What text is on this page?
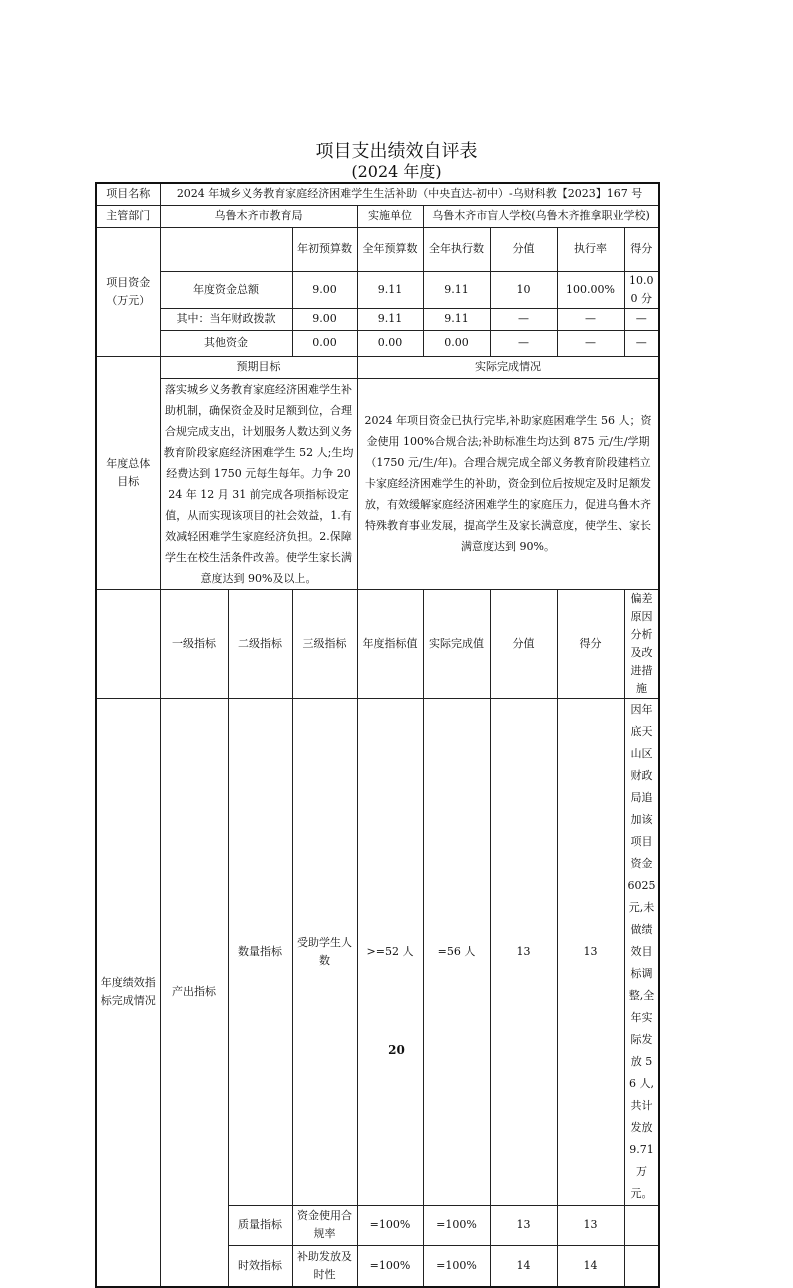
项目支出绩效自评表
(2024 年度)
项目名称	2024 年城乡义务教育家庭经济困难学生生活补助（中央直达-初中）-乌财科教【2023】167 号							
主管部门	乌鲁木齐市教育局			实施单位	乌鲁木齐市盲人学校(乌鲁木齐推拿职业学校)			

项目资金
（万元）			年初预算数	全年预算数	全年执行数	分值	执行率	得分
	年度资金总额		9.00	9.11	9.11	10	100.00%	10.00 分
	其中：当年财政拨款		9.00	9.11	9.11	—	—	—
	其他资金		0.00	0.00	0.00	—	—	—

年度总体
目标	预期目标			实际完成情况				
	落实城乡义务教育家庭经济困难学生补助机制，确保资金及时足额到位，合理合规完成支出，计划服务人数达到义务教育阶段家庭经济困难学生 52 人;生均经费达到 1750 元每生每年。力争 2024 年 12 月 31 前完成各项指标设定值，从而实现该项目的社会效益，1.有效减轻困难学生家庭经济负担。2.保障学生在校生活条件改善。使学生家长满意度达到 90%及以上。			2024 年项目资金已执行完毕,补助家庭困难学生 56 人；资金使用 100%合规合法;补助标准生均达到 875 元/生/学期（1750 元/生/年)。合理合规完成全部义务教育阶段建档立卡家庭经济困难学生的补助，资金到位后按规定及时足额发放，有效缓解家庭经济困难学生的家庭压力，促进乌鲁木齐特殊教育事业发展，提高学生及家长满意度，使学生、家长满意度达到 90%。				
	一级指标	二级指标	三级指标	年度指标值	实际完成值	分值	得分	偏差原因分析及改进措施
年度绩效指标完成情况	产出指标	数量指标	受助学生人数	>=52 人	=56 人	13	13	因年底天山区财政局追加该项目资金 6025 元,未做绩效目标调整,全年实际发放 56 人,共计发放 9.71 万元。
		质量指标	资金使用合规率	=100%	=100%	13	13	
		时效指标	补助发放及时性	=100%	=100%	14	14	
20
